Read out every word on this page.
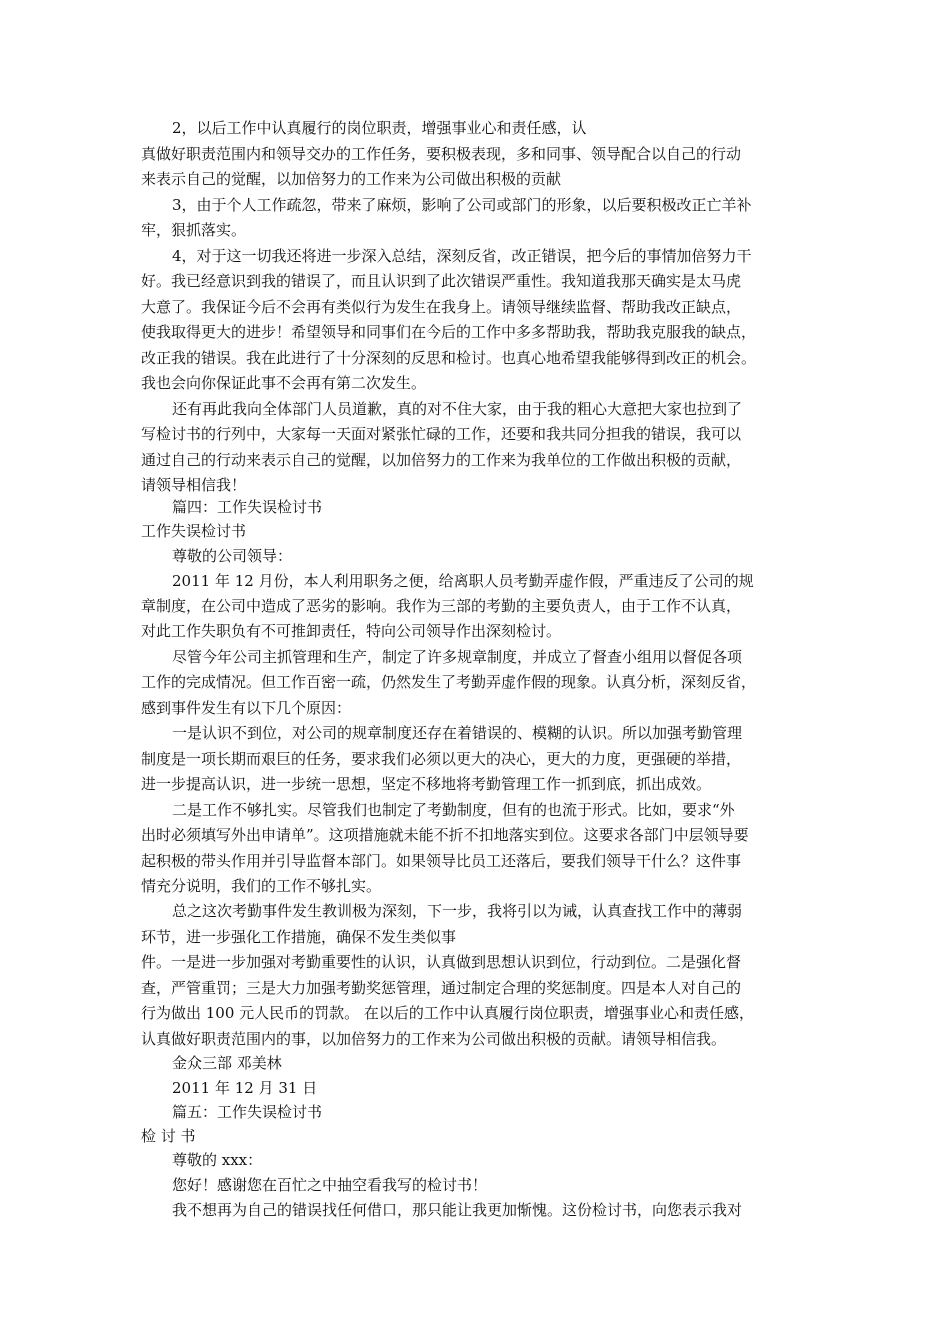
2，以后工作中认真履行的岗位职责，增强事业心和责任感，认
真做好职责范围内和领导交办的工作任务，要积极表现，多和同事、领导配合以自己的行动
来表示自己的觉醒，以加倍努力的工作来为公司做出积极的贡献
3，由于个人工作疏忽，带来了麻烦，影响了公司或部门的形象，以后要积极改正亡羊补
牢，狠抓落实。
4，对于这一切我还将进一步深入总结，深刻反省，改正错误，把今后的事情加倍努力干
好。我已经意识到我的错误了，而且认识到了此次错误严重性。我知道我那天确实是太马虎
大意了。我保证今后不会再有类似行为发生在我身上。请领导继续监督、帮助我改正缺点，
使我取得更大的进步！希望领导和同事们在今后的工作中多多帮助我，帮助我克服我的缺点，
改正我的错误。我在此进行了十分深刻的反思和检讨。也真心地希望我能够得到改正的机会。
我也会向你保证此事不会再有第二次发生。
还有再此我向全体部门人员道歉，真的对不住大家，由于我的粗心大意把大家也拉到了
写检讨书的行列中，大家每一天面对紧张忙碌的工作，还要和我共同分担我的错误，我可以
通过自己的行动来表示自己的觉醒，以加倍努力的工作来为我单位的工作做出积极的贡献，
请领导相信我！
篇四：工作失误检讨书
工作失误检讨书
尊敬的公司领导：
2011 年 12 月份，本人利用职务之便，给离职人员考勤弄虚作假，严重违反了公司的规
章制度，在公司中造成了恶劣的影响。我作为三部的考勤的主要负责人，由于工作不认真，
对此工作失职负有不可推卸责任，特向公司领导作出深刻检讨。
尽管今年公司主抓管理和生产，制定了许多规章制度，并成立了督查小组用以督促各项
工作的完成情况。但工作百密一疏，仍然发生了考勤弄虚作假的现象。认真分析，深刻反省，
感到事件发生有以下几个原因：
一是认识不到位，对公司的规章制度还存在着错误的、模糊的认识。所以加强考勤管理
制度是一项长期而艰巨的任务，要求我们必须以更大的决心，更大的力度，更强硬的举措，
进一步提高认识，进一步统一思想，坚定不移地将考勤管理工作一抓到底，抓出成效。
二是工作不够扎实。尽管我们也制定了考勤制度，但有的也流于形式。比如，要求“外
出时必须填写外出申请单”。这项措施就未能不折不扣地落实到位。这要求各部门中层领导要
起积极的带头作用并引导监督本部门。如果领导比员工还落后，要我们领导干什么？这件事
情充分说明，我们的工作不够扎实。
总之这次考勤事件发生教训极为深刻，下一步，我将引以为诫，认真查找工作中的薄弱
环节，进一步强化工作措施，确保不发生类似事
件。一是进一步加强对考勤重要性的认识，认真做到思想认识到位，行动到位。二是强化督
查，严管重罚；三是大力加强考勤奖惩管理，通过制定合理的奖惩制度。四是本人对自己的
行为做出 100 元人民币的罚款。 在以后的工作中认真履行岗位职责，增强事业心和责任感，
认真做好职责范围内的事，以加倍努力的工作来为公司做出积极的贡献。请领导相信我。
金众三部 邓美林
2011 年 12 月 31 日
篇五：工作失误检讨书
检 讨 书
尊敬的 xxx：
您好！感谢您在百忙之中抽空看我写的检讨书！
我不想再为自己的错误找任何借口，那只能让我更加惭愧。这份检讨书，向您表示我对
